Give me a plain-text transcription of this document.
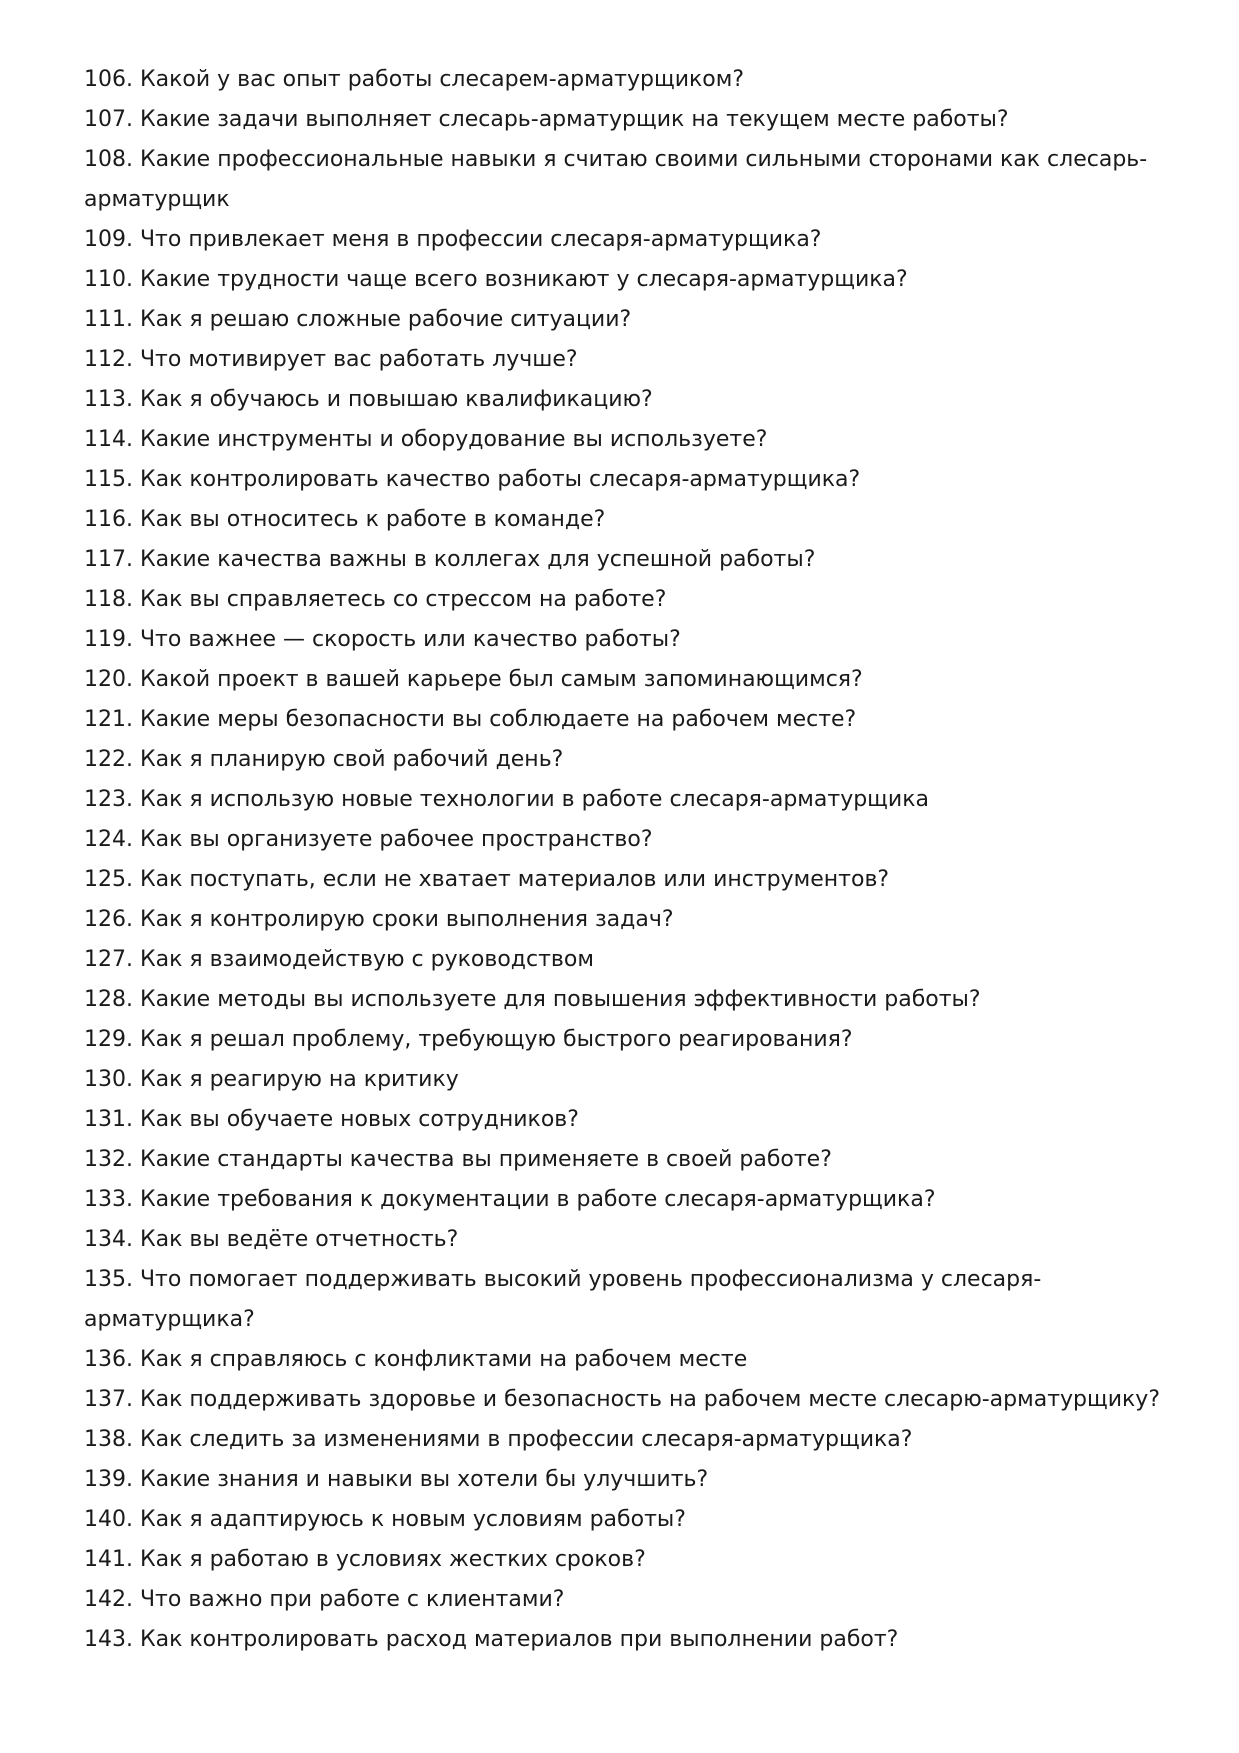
106. Какой у вас опыт работы слесарем-арматурщиком?
107. Какие задачи выполняет слесарь-арматурщик на текущем месте работы?
108. Какие профессиональные навыки я считаю своими сильными сторонами как слесарь-арматурщик
109. Что привлекает меня в профессии слесаря-арматурщика?
110. Какие трудности чаще всего возникают у слесаря-арматурщика?
111. Как я решаю сложные рабочие ситуации?
112. Что мотивирует вас работать лучше?
113. Как я обучаюсь и повышаю квалификацию?
114. Какие инструменты и оборудование вы используете?
115. Как контролировать качество работы слесаря-арматурщика?
116. Как вы относитесь к работе в команде?
117. Какие качества важны в коллегах для успешной работы?
118. Как вы справляетесь со стрессом на работе?
119. Что важнее — скорость или качество работы?
120. Какой проект в вашей карьере был самым запоминающимся?
121. Какие меры безопасности вы соблюдаете на рабочем месте?
122. Как я планирую свой рабочий день?
123. Как я использую новые технологии в работе слесаря-арматурщика
124. Как вы организуете рабочее пространство?
125. Как поступать, если не хватает материалов или инструментов?
126. Как я контролирую сроки выполнения задач?
127. Как я взаимодействую с руководством
128. Какие методы вы используете для повышения эффективности работы?
129. Как я решал проблему, требующую быстрого реагирования?
130. Как я реагирую на критику
131. Как вы обучаете новых сотрудников?
132. Какие стандарты качества вы применяете в своей работе?
133. Какие требования к документации в работе слесаря-арматурщика?
134. Как вы ведёте отчетность?
135. Что помогает поддерживать высокий уровень профессионализма у слесаря-арматурщика?
136. Как я справляюсь с конфликтами на рабочем месте
137. Как поддерживать здоровье и безопасность на рабочем месте слесарю-арматурщику?
138. Как следить за изменениями в профессии слесаря-арматурщика?
139. Какие знания и навыки вы хотели бы улучшить?
140. Как я адаптируюсь к новым условиям работы?
141. Как я работаю в условиях жестких сроков?
142. Что важно при работе с клиентами?
143. Как контролировать расход материалов при выполнении работ?
